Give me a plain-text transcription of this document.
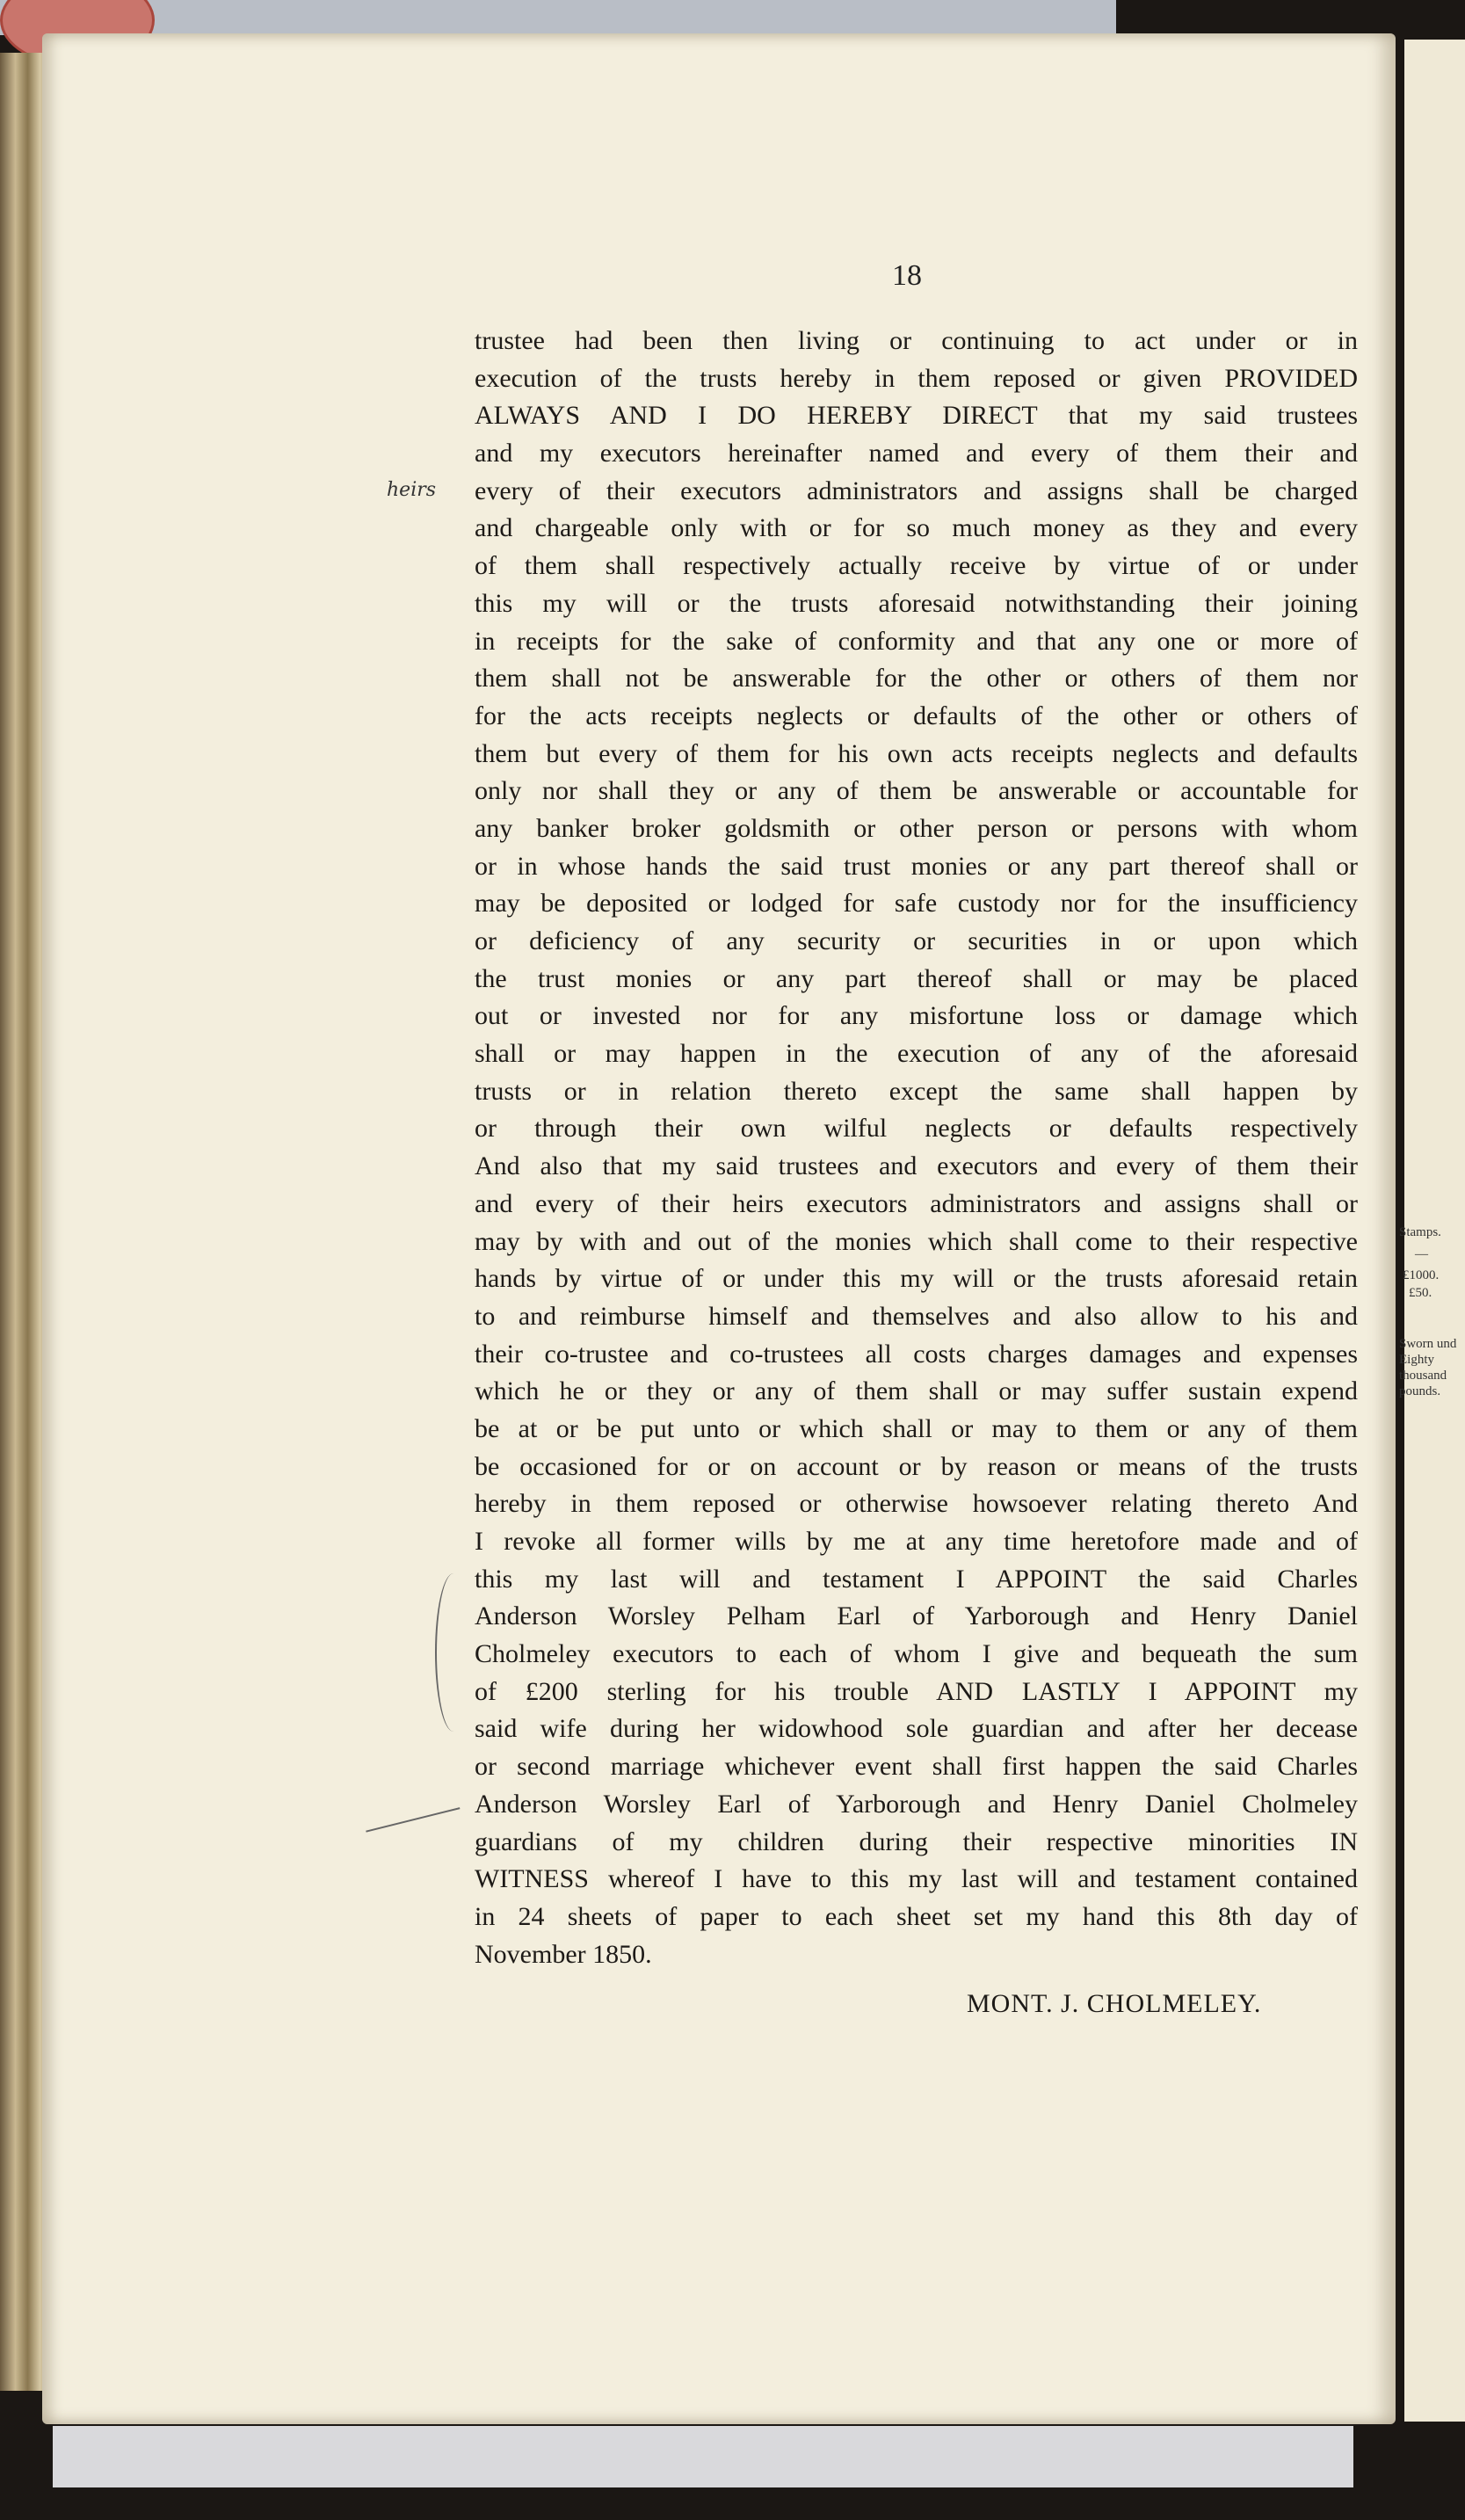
18
trustee had been then living or continuing to act under or in
execution of the trusts hereby in them reposed or given PROVIDED
ALWAYS AND I DO HEREBY DIRECT that my said trustees
and my executors hereinafter named and every of them their and
every of their executors administrators and assigns shall be charged
and chargeable only with or for so much money as they and every
of them shall respectively actually receive by virtue of or under
this my will or the trusts aforesaid notwithstanding their joining
in receipts for the sake of conformity and that any one or more of
them shall not be answerable for the other or others of them nor
for the acts receipts neglects or defaults of the other or others of
them but every of them for his own acts receipts neglects and defaults
only nor shall they or any of them be answerable or accountable for
any banker broker goldsmith or other person or persons with whom
or in whose hands the said trust monies or any part thereof shall or
may be deposited or lodged for safe custody nor for the insufficiency
or deficiency of any security or securities in or upon which
the trust monies or any part thereof shall or may be placed
out or invested nor for any misfortune loss or damage which
shall or may happen in the execution of any of the aforesaid
trusts or in relation thereto except the same shall happen by
or through their own wilful neglects or defaults respectively
And also that my said trustees and executors and every of them their
and every of their heirs executors administrators and assigns shall or
may by with and out of the monies which shall come to their respective
hands by virtue of or under this my will or the trusts aforesaid retain
to and reimburse himself and themselves and also allow to his and
their co-trustee and co-trustees all costs charges damages and expenses
which he or they or any of them shall or may suffer sustain expend
be at or be put unto or which shall or may to them or any of them
be occasioned for or on account or by reason or means of the trusts
hereby in them reposed or otherwise howsoever relating thereto And
I revoke all former wills by me at any time heretofore made and of
this my last will and testament I APPOINT the said Charles
Anderson Worsley Pelham Earl of Yarborough and Henry Daniel
Cholmeley executors to each of whom I give and bequeath the sum
of £200 sterling for his trouble AND LASTLY I APPOINT my
said wife during her widowhood sole guardian and after her decease
or second marriage whichever event shall first happen the said Charles
Anderson Worsley Earl of Yarborough and Henry Daniel Cholmeley
guardians of my children during their respective minorities IN
WITNESS whereof I have to this my last will and testament contained
in 24 sheets of paper to each sheet set my hand this 8th day of
November 1850.
heirs
MONT. J. CHOLMELEY.
Stamps.
—
£1000.
£50.
Sworn und
Eighty
thousand
pounds.
